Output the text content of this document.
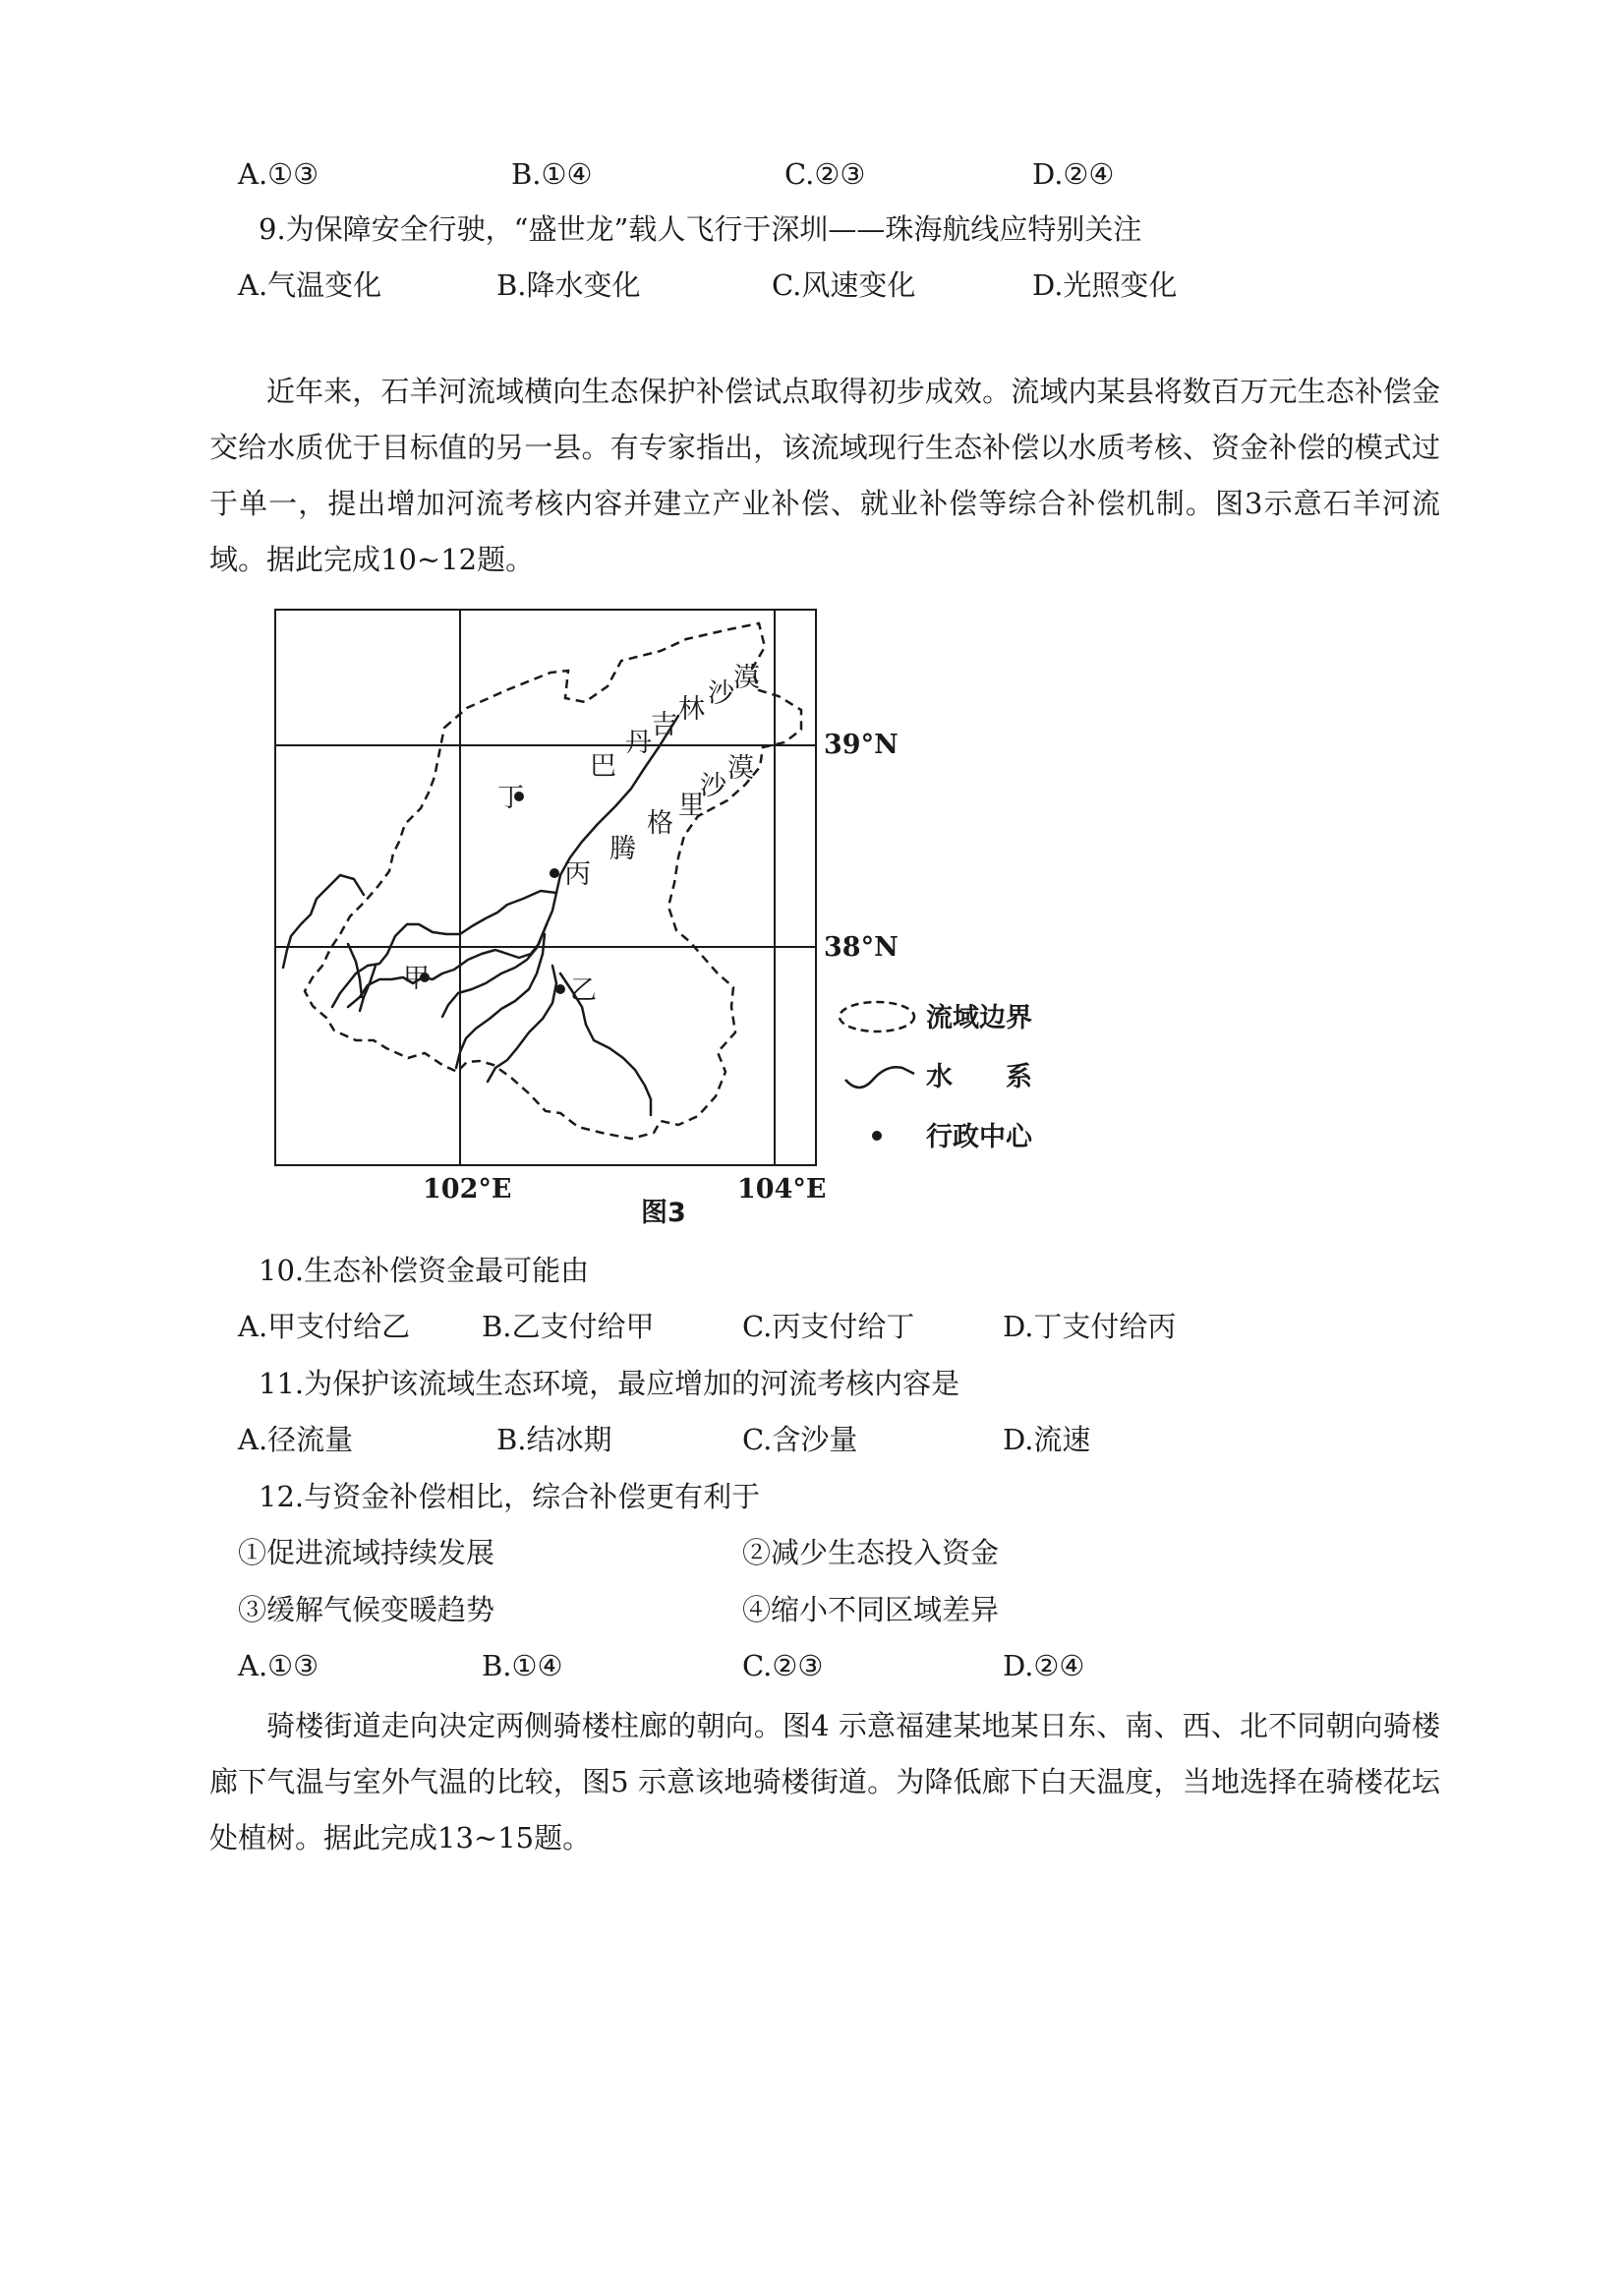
A.①③	B.①④	C.②③	D.②④
9.为保障安全行驶，“盛世龙”载人飞行于深圳——珠海航线应特别关注
A.气温变化	B.降水变化	C.风速变化	D.光照变化
近年来，石羊河流域横向生态保护补偿试点取得初步成效。流域内某县将数百万元生态补偿金交给水质优于目标值的另一县。有专家指出，该流域现行生态补偿以水质考核、资金补偿的模式过于单一，提出增加河流考核内容并建立产业补偿、就业补偿等综合补偿机制。图3示意石羊河流域。据此完成10~12题。
丁
丙
甲	乙
丹
吉
林
沙
漠
巴
腾
格
里
沙
漠
39°N
38°N
102°E	104°E
流域边界
水　　系
行政中心
图3
10.生态补偿资金最可能由
A.甲支付给乙	B.乙支付给甲	C.丙支付给丁	D.丁支付给丙
11.为保护该流域生态环境，最应增加的河流考核内容是
A.径流量	B.结冰期	C.含沙量	D.流速
12.与资金补偿相比，综合补偿更有利于
①促进流域持续发展	②减少生态投入资金
③缓解气候变暖趋势	④缩小不同区域差异
A.①③	B.①④	C.②③	D.②④
骑楼街道走向决定两侧骑楼柱廊的朝向。图4 示意福建某地某日东、南、西、北不同朝向骑楼廊下气温与室外气温的比较，图5 示意该地骑楼街道。为降低廊下白天温度，当地选择在骑楼花坛处植树。据此完成13~15题。
